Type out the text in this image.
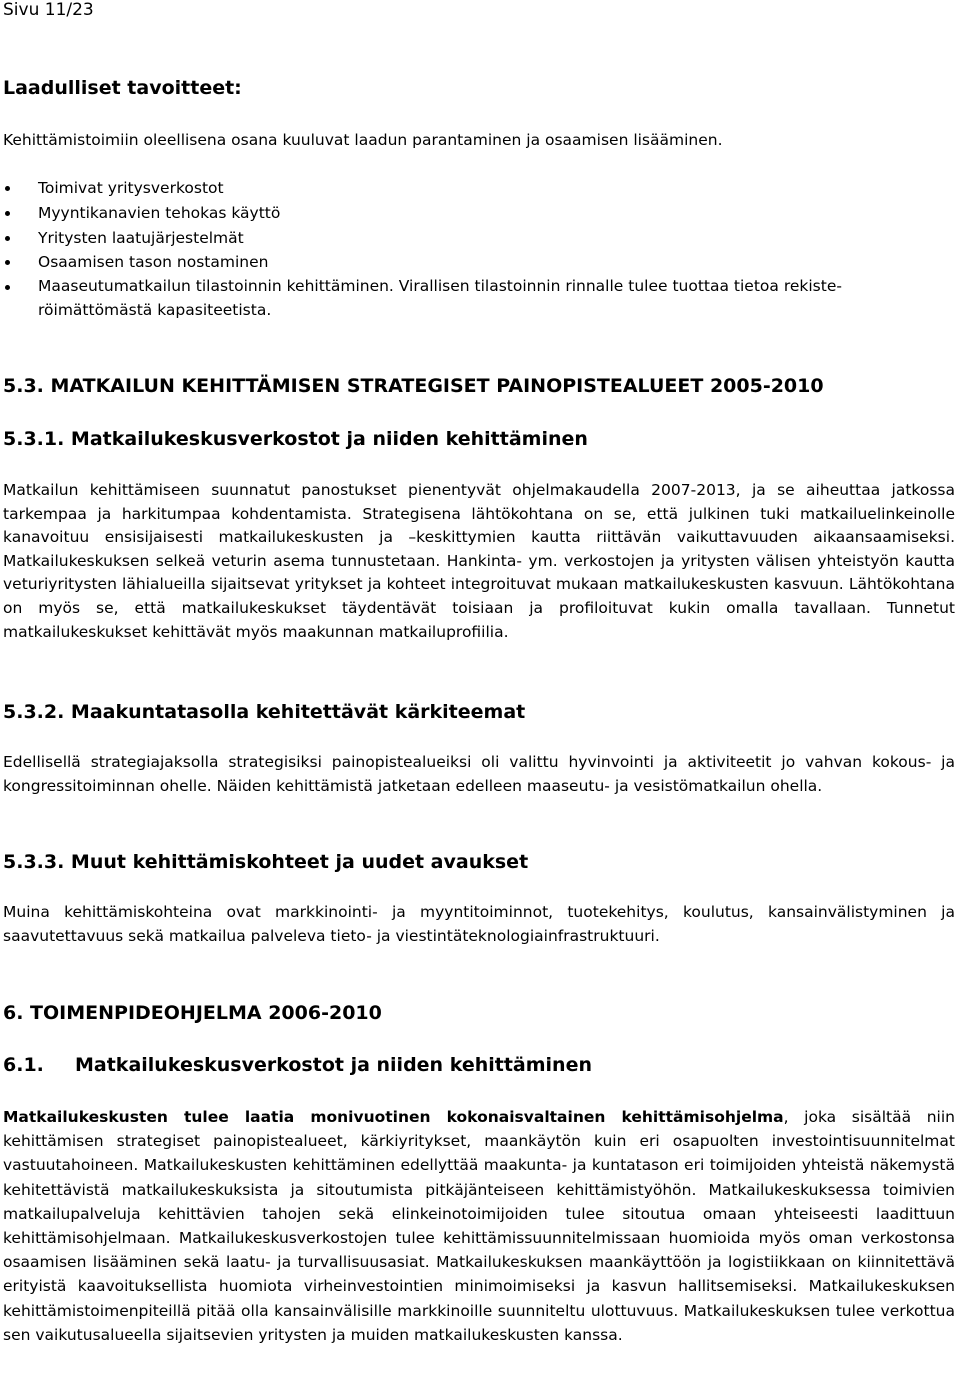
Sivu 11/23
Laadulliset tavoitteet:
Kehittämistoimiin oleellisena osana kuuluvat laadun parantaminen ja osaamisen lisääminen.
Toimivat yritysverkostot
Myyntikanavien tehokas käyttö
Yritysten laatujärjestelmät
Osaamisen tason nostaminen
Maaseutumatkailun tilastoinnin kehittäminen. Virallisen tilastoinnin rinnalle tulee tuottaa tietoa rekiste-
röimättömästä kapasiteetista.
5.3. MATKAILUN KEHITTÄMISEN STRATEGISET PAINOPISTEALUEET 2005-2010
5.3.1. Matkailukeskusverkostot ja niiden kehittäminen
Matkailun kehittämiseen suunnatut panostukset pienentyvät ohjelmakaudella 2007-2013, ja se aiheuttaa jatkossa tarkempaa ja harkitumpaa kohdentamista. Strategisena lähtökohtana on se, että julkinen tuki matkailuelinkeinolle kanavoituu ensisijaisesti matkailukeskusten ja –keskittymien kautta riittävän vaikuttavuuden aikaansaamiseksi. Matkailukeskuksen selkeä veturin asema tunnustetaan. Hankinta- ym. verkostojen ja yritysten välisen yhteistyön kautta veturiyritysten lähialueilla sijaitsevat yritykset ja kohteet integroituvat mukaan matkailukeskusten kasvuun. Lähtökohtana on myös se, että matkailukeskukset täydentävät toisiaan ja profiloituvat kukin omalla tavallaan. Tunnetut matkailukeskukset kehittävät myös maakunnan matkailuprofiilia.
5.3.2. Maakuntatasolla kehitettävät kärkiteemat
Edellisellä strategiajaksolla strategisiksi painopistealueiksi oli valittu hyvinvointi ja aktiviteetit jo vahvan kokous- ja kongressitoiminnan ohelle. Näiden kehittämistä jatketaan edelleen maaseutu- ja vesistömatkailun ohella.
5.3.3. Muut kehittämiskohteet ja uudet avaukset
Muina kehittämiskohteina ovat markkinointi- ja myyntitoiminnot, tuotekehitys, koulutus, kansainvälistyminen ja saavutettavuus sekä matkailua palveleva tieto- ja viestintäteknologiainfrastruktuuri.
6. TOIMENPIDEOHJELMA 2006-2010
6.1. Matkailukeskusverkostot ja niiden kehittäminen
Matkailukeskusten tulee laatia monivuotinen kokonaisvaltainen kehittämisohjelma, joka sisältää niin kehittämisen strategiset painopistealueet, kärkiyritykset, maankäytön kuin eri osapuolten investointisuunnitelmat vastuutahoineen. Matkailukeskusten kehittäminen edellyttää maakunta- ja kuntatason eri toimijoiden yhteistä näkemystä kehitettävistä matkailukeskuksista ja sitoutumista pitkäjänteiseen kehittämistyöhön. Matkailukeskuksessa toimivien matkailupalveluja kehittävien tahojen sekä elinkeinotoimijoiden tulee sitoutua omaan yhteiseesti laadittuun kehittämisohjelmaan. Matkailukeskusverkostojen tulee kehittämissuunnitelmissaan huomioida myös oman verkostonsa osaamisen lisääminen sekä laatu- ja turvallisuusasiat. Matkailukeskuksen maankäyttöön ja logistiikkaan on kiinnitettävä erityistä kaavoituksellista huomiota virheinvestointien minimoimiseksi ja kasvun hallitsemiseksi. Matkailukeskuksen kehittämistoimenpiteillä pitää olla kansainvälisille markkinoille suunniteltu ulottuvuus. Matkailukeskuksen tulee verkottua sen vaikutusalueella sijaitsevien yritysten ja muiden matkailukeskusten kanssa.
